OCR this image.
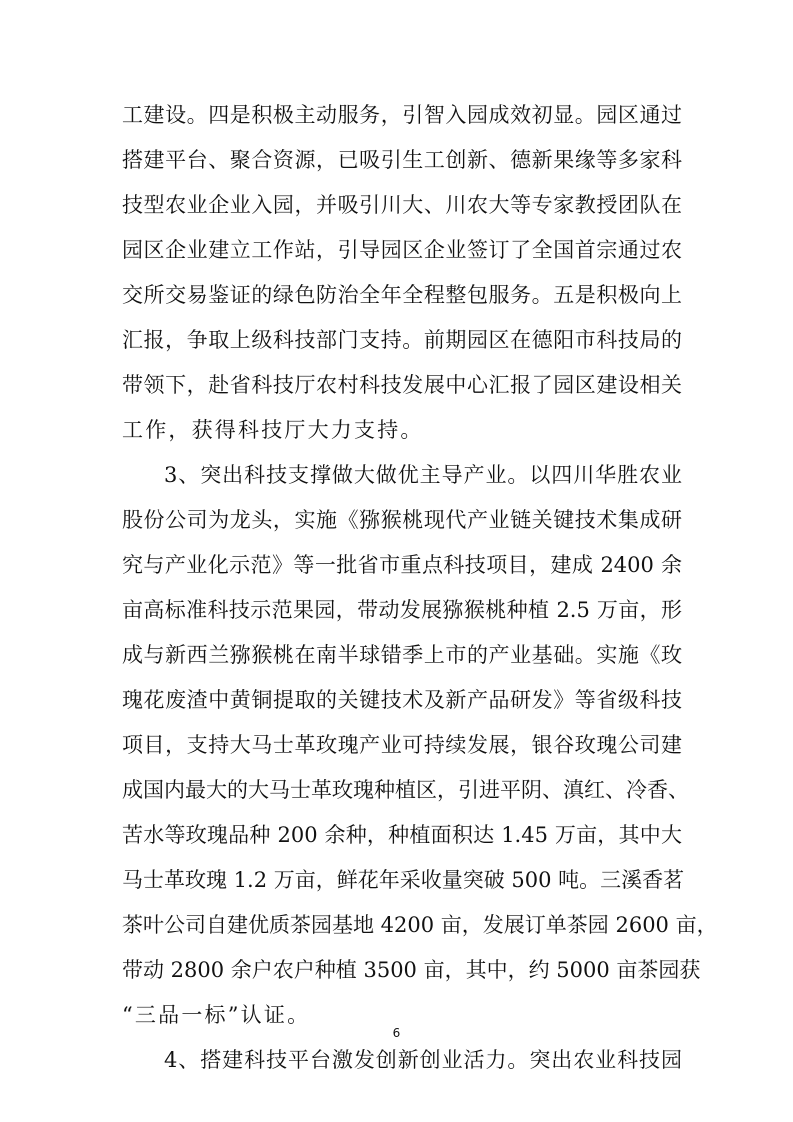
工建设。四是积极主动服务，引智入园成效初显。园区通过
搭建平台、聚合资源，已吸引生工创新、德新果缘等多家科
技型农业企业入园，并吸引川大、川农大等专家教授团队在
园区企业建立工作站，引导园区企业签订了全国首宗通过农
交所交易鉴证的绿色防治全年全程整包服务。五是积极向上
汇报，争取上级科技部门支持。前期园区在德阳市科技局的
带领下，赴省科技厅农村科技发展中心汇报了园区建设相关
工作，获得科技厅大力支持。
3、突出科技支撑做大做优主导产业。以四川华胜农业
股份公司为龙头，实施《猕猴桃现代产业链关键技术集成研
究与产业化示范》等一批省市重点科技项目，建成 2400 余
亩高标准科技示范果园，带动发展猕猴桃种植 2.5 万亩，形
成与新西兰猕猴桃在南半球错季上市的产业基础。实施《玫
瑰花废渣中黄铜提取的关键技术及新产品研发》等省级科技
项目，支持大马士革玫瑰产业可持续发展，银谷玫瑰公司建
成国内最大的大马士革玫瑰种植区，引进平阴、滇红、冷香、
苦水等玫瑰品种 200 余种，种植面积达 1.45 万亩，其中大
马士革玫瑰 1.2 万亩，鲜花年采收量突破 500 吨。三溪香茗
茶叶公司自建优质茶园基地 4200 亩，发展订单茶园 2600 亩，
带动 2800 余户农户种植 3500 亩，其中，约 5000 亩茶园获
“三品一标”认证。
4、搭建科技平台激发创新创业活力。突出农业科技园
6
